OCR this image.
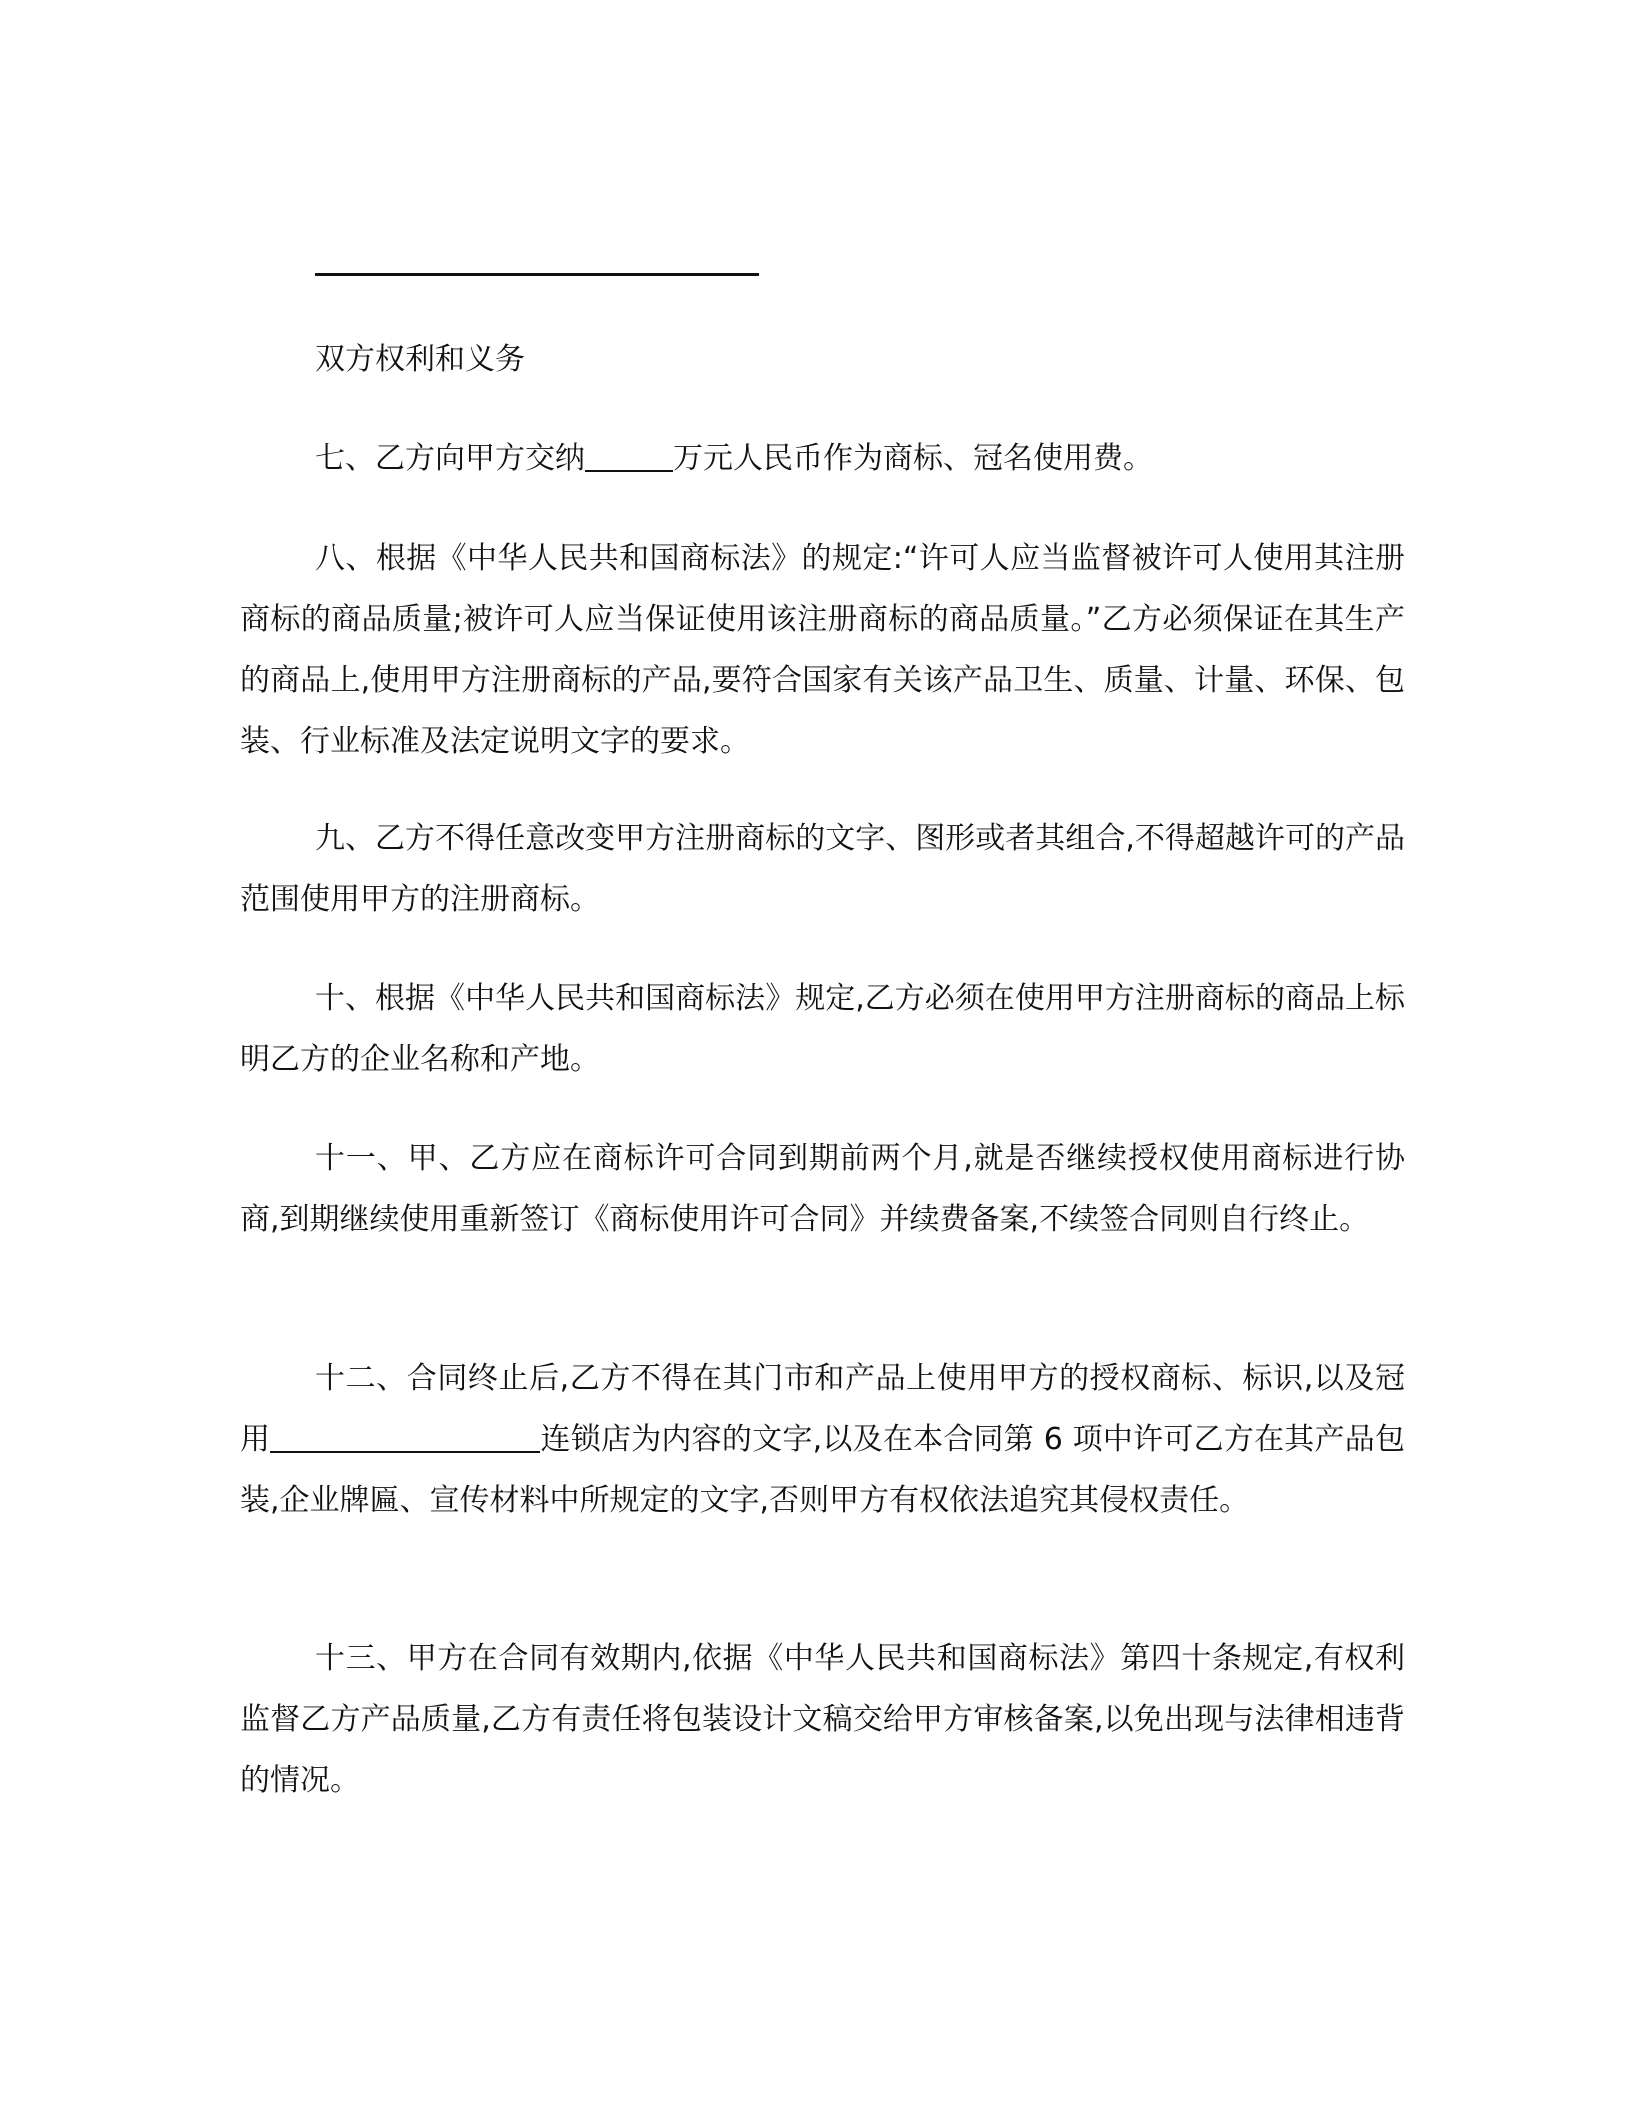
双方权利和义务

七、乙方向甲方交纳	万元人民币作为商标、冠名使用费。

八、根据《中华人民共和国商标法》的规定:“许可人应当监督被许可人使用其注册商标的商品质量;被许可人应当保证使用该注册商标的商品质量。”乙方必须保证在其生产的商品上,使用甲方注册商标的产品,要符合国家有关该产品卫生、质量、计量、环保、包装、行业标准及法定说明文字的要求。

九、乙方不得任意改变甲方注册商标的文字、图形或者其组合,不得超越许可的产品范围使用甲方的注册商标。

十、根据《中华人民共和国商标法》规定,乙方必须在使用甲方注册商标的商品上标明乙方的企业名称和产地。

十一、甲、乙方应在商标许可合同到期前两个月,就是否继续授权使用商标进行协商,到期继续使用重新签订《商标使用许可合同》并续费备案,不续签合同则自行终止。

十二、合同终止后,乙方不得在其门市和产品上使用甲方的授权商标、标识,以及冠用	连锁店为内容的文字,以及在本合同第 6 项中许可乙方在其产品包装,企业牌匾、宣传材料中所规定的文字,否则甲方有权依法追究其侵权责任。

十三、甲方在合同有效期内,依据《中华人民共和国商标法》第四十条规定,有权利监督乙方产品质量,乙方有责任将包装设计文稿交给甲方审核备案,以免出现与法律相违背的情况。
